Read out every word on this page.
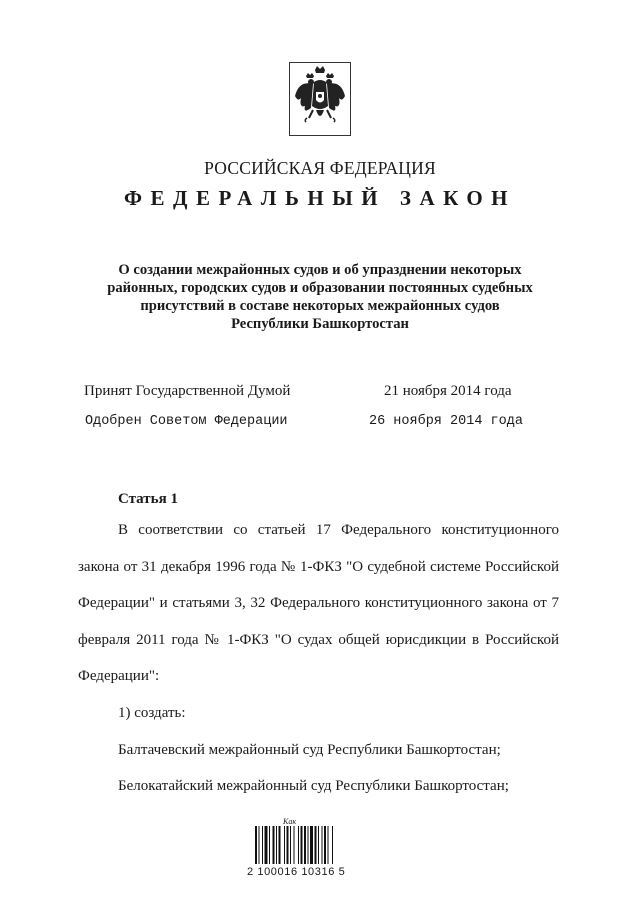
РОССИЙСКАЯ ФЕДЕРАЦИЯ
ФЕДЕРАЛЬНЫЙ ЗАКОН
О создании межрайонных судов и об упразднении некоторых
районных, городских судов и образовании постоянных судебных
присутствий в составе некоторых межрайонных судов
Республики Башкортостан
Принят Государственной Думой	21 ноября 2014 года
Одобрен Советом Федерации	26 ноября 2014 года
Статья 1

В соответствии со статьей 17 Федерального конституционного закона от 31 декабря 1996 года № 1-ФКЗ "О судебной системе Российской Федерации" и статьями 3, 32 Федерального конституционного закона от 7 февраля 2011 года № 1-ФКЗ "О судах общей юрисдикции в Российской Федерации":

1) создать:

Балтачевский межрайонный суд Республики Башкортостан;

Белокатайский межрайонный суд Республики Башкортостан;

Как
2 100016 10316 5
